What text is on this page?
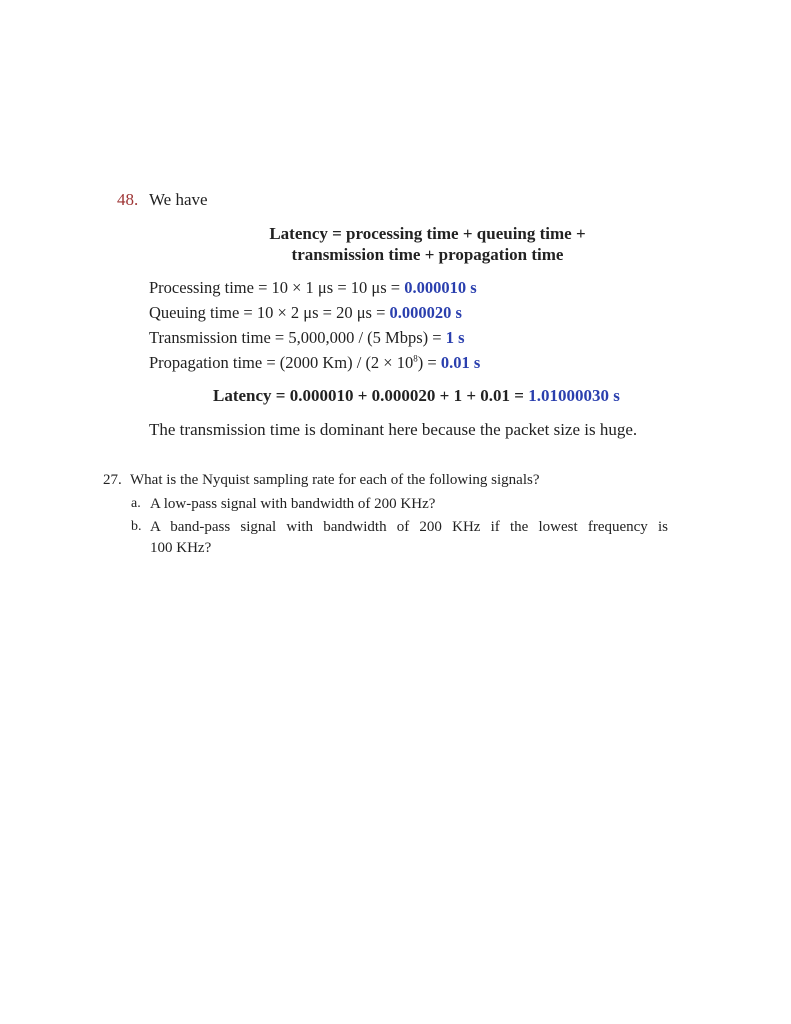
48. We have
Latency = processing time + queuing time +
transmission time + propagation time
Processing time = 10 × 1 μs = 10 μs = 0.000010 s
Queuing time = 10 × 2 μs = 20 μs = 0.000020 s
Transmission time = 5,000,000 / (5 Mbps) = 1 s
Propagation time = (2000 $Km) / (2 \times 10^8) = 0.01$ s
Latency = 0.000010 + 0.000020 + 1 + 0.01 = 1.01000030 s
The transmission time is dominant here because the packet size is huge.
27. What is the Nyquist sampling rate for each of the following signals?
a. A low-pass signal with bandwidth of 200 KHz?
b. A band-pass signal with bandwidth of 200 KHz if the lowest frequency is
100 KHz?
